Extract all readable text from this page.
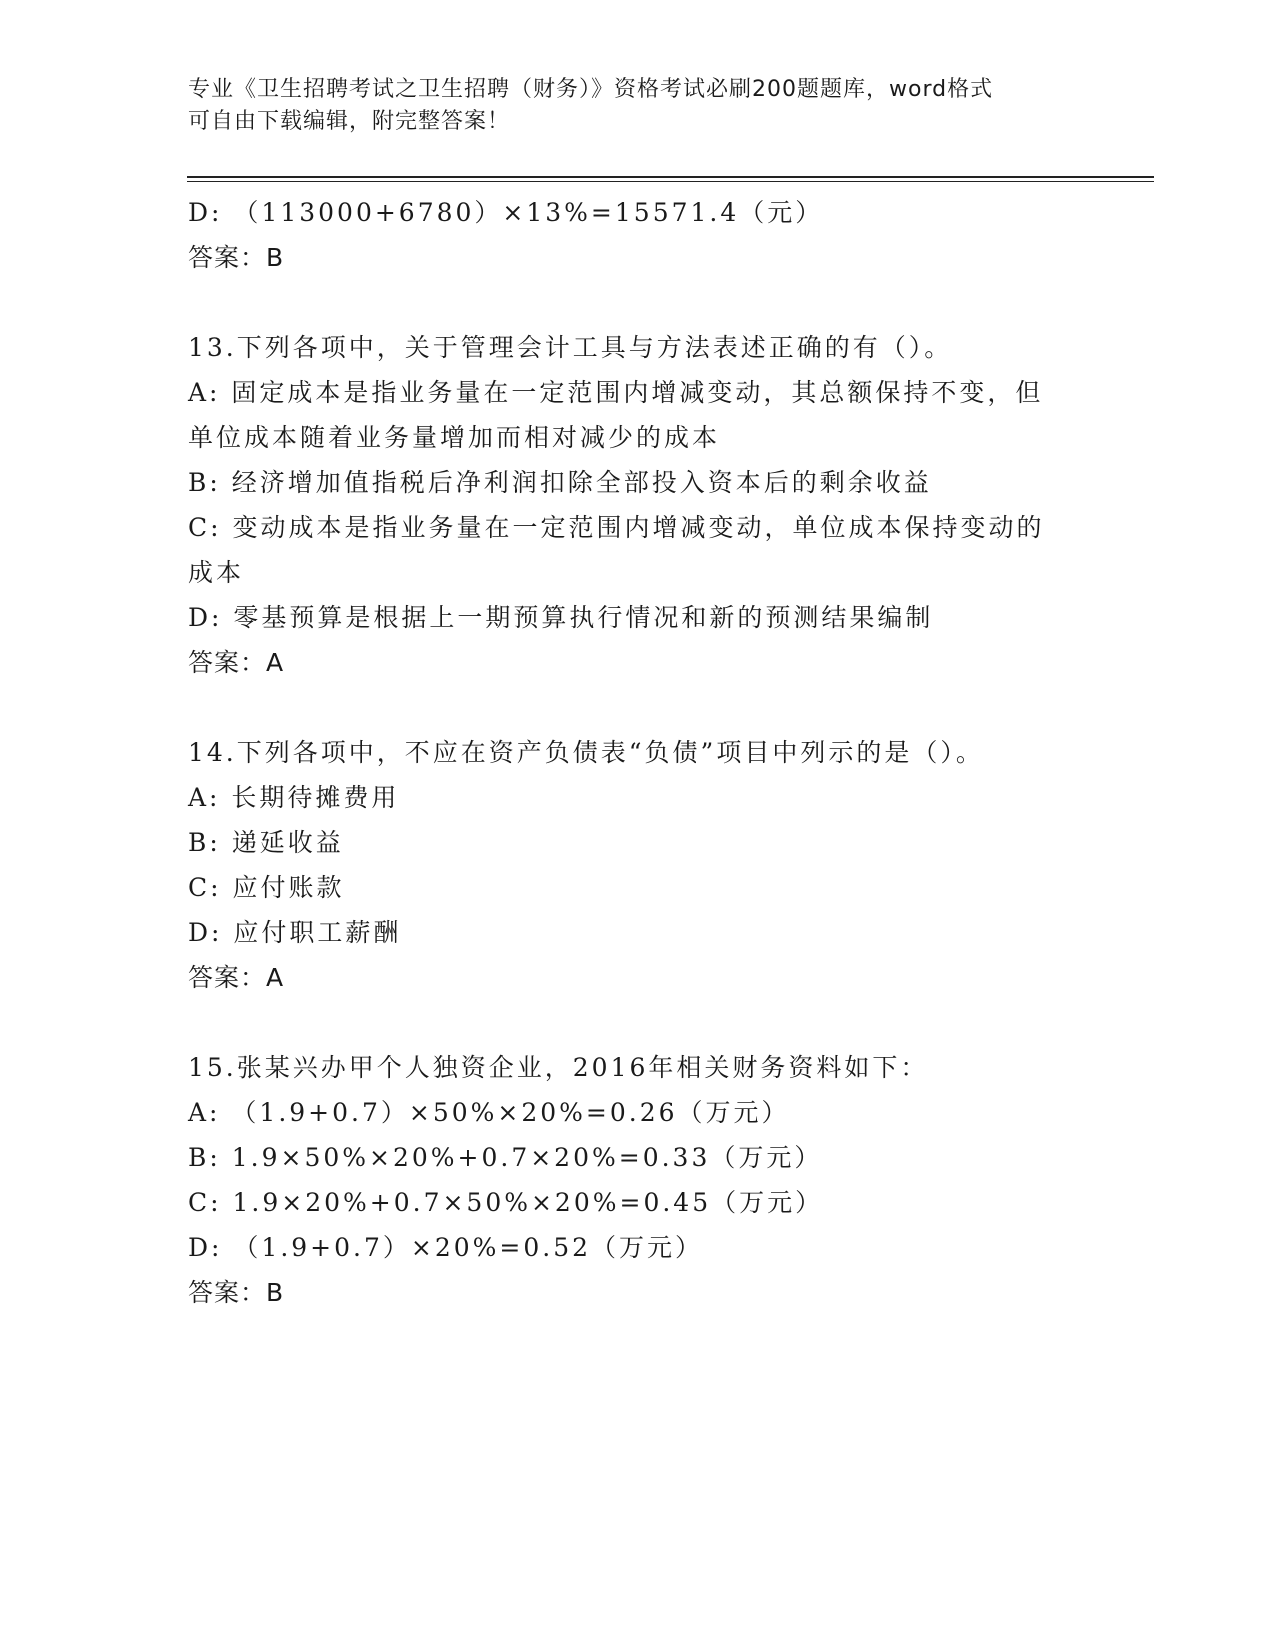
专业《卫生招聘考试之卫生招聘（财务）》资格考试必刷200题题库，word格式
可自由下载编辑，附完整答案！
D: （113000+6780）×13%=15571.4（元）
答案：B
13.下列各项中，关于管理会计工具与方法表述正确的有（）。
A: 固定成本是指业务量在一定范围内增减变动，其总额保持不变，但
单位成本随着业务量增加而相对减少的成本
B: 经济增加值指税后净利润扣除全部投入资本后的剩余收益
C: 变动成本是指业务量在一定范围内增减变动，单位成本保持变动的
成本
D: 零基预算是根据上一期预算执行情况和新的预测结果编制
答案：A
14.下列各项中，不应在资产负债表“负债”项目中列示的是（）。
A: 长期待摊费用
B: 递延收益
C: 应付账款
D: 应付职工薪酬
答案：A
15.张某兴办甲个人独资企业，2016年相关财务资料如下：
A: （1.9+0.7）×50%×20%=0.26（万元）
B: 1.9×50%×20%+0.7×20%=0.33（万元）
C: 1.9×20%+0.7×50%×20%=0.45（万元）
D: （1.9+0.7）×20%=0.52（万元）
答案：B
